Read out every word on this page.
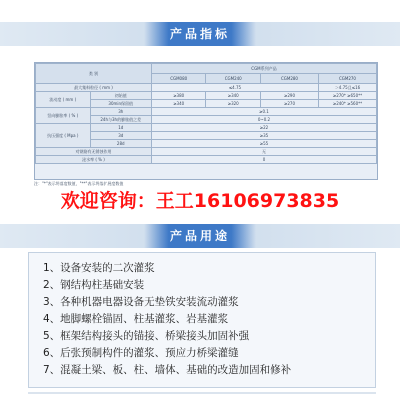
产品指标
类 别		CGM系列产品			
		CGM080	CGM240	CGM280	CGM270
最大集料粒径 ( mm )		≤4.75			＞4.75且≤16
流动度 ( mm )	初始值	≥380	≥340	≥290	≥270* ≥650**
	30min保留值	≥340	≥320	≥270	≥240* ≥560**
竖向膨胀率 ( % )	3h	≥0.1			
	24h与3h的膨胀值之差	0~0.2			
抗压强度 ( Mpa )	1d	≥22			
	3d	≥35			
	28d	≥55			
对钢筋有无锈蚀作用		无			
泌水率 ( % )		0			
注："*"表示坍落度数值，"**"表示坍落扩展度数值
欢迎咨询：王工16106973835
产品用途
1、设备安装的二次灌浆
2、钢结构柱基础安装
3、各种机器电器设备无垫铁安装流动灌浆
4、地脚螺栓锚固、柱基灌浆、岩基灌浆
5、框架结构接头的锚接、桥梁接头加固补强
6、后张预制构件的灌浆、预应力桥梁灌缝
7、混凝土梁、板、柱、墙体、基础的改造加固和修补
